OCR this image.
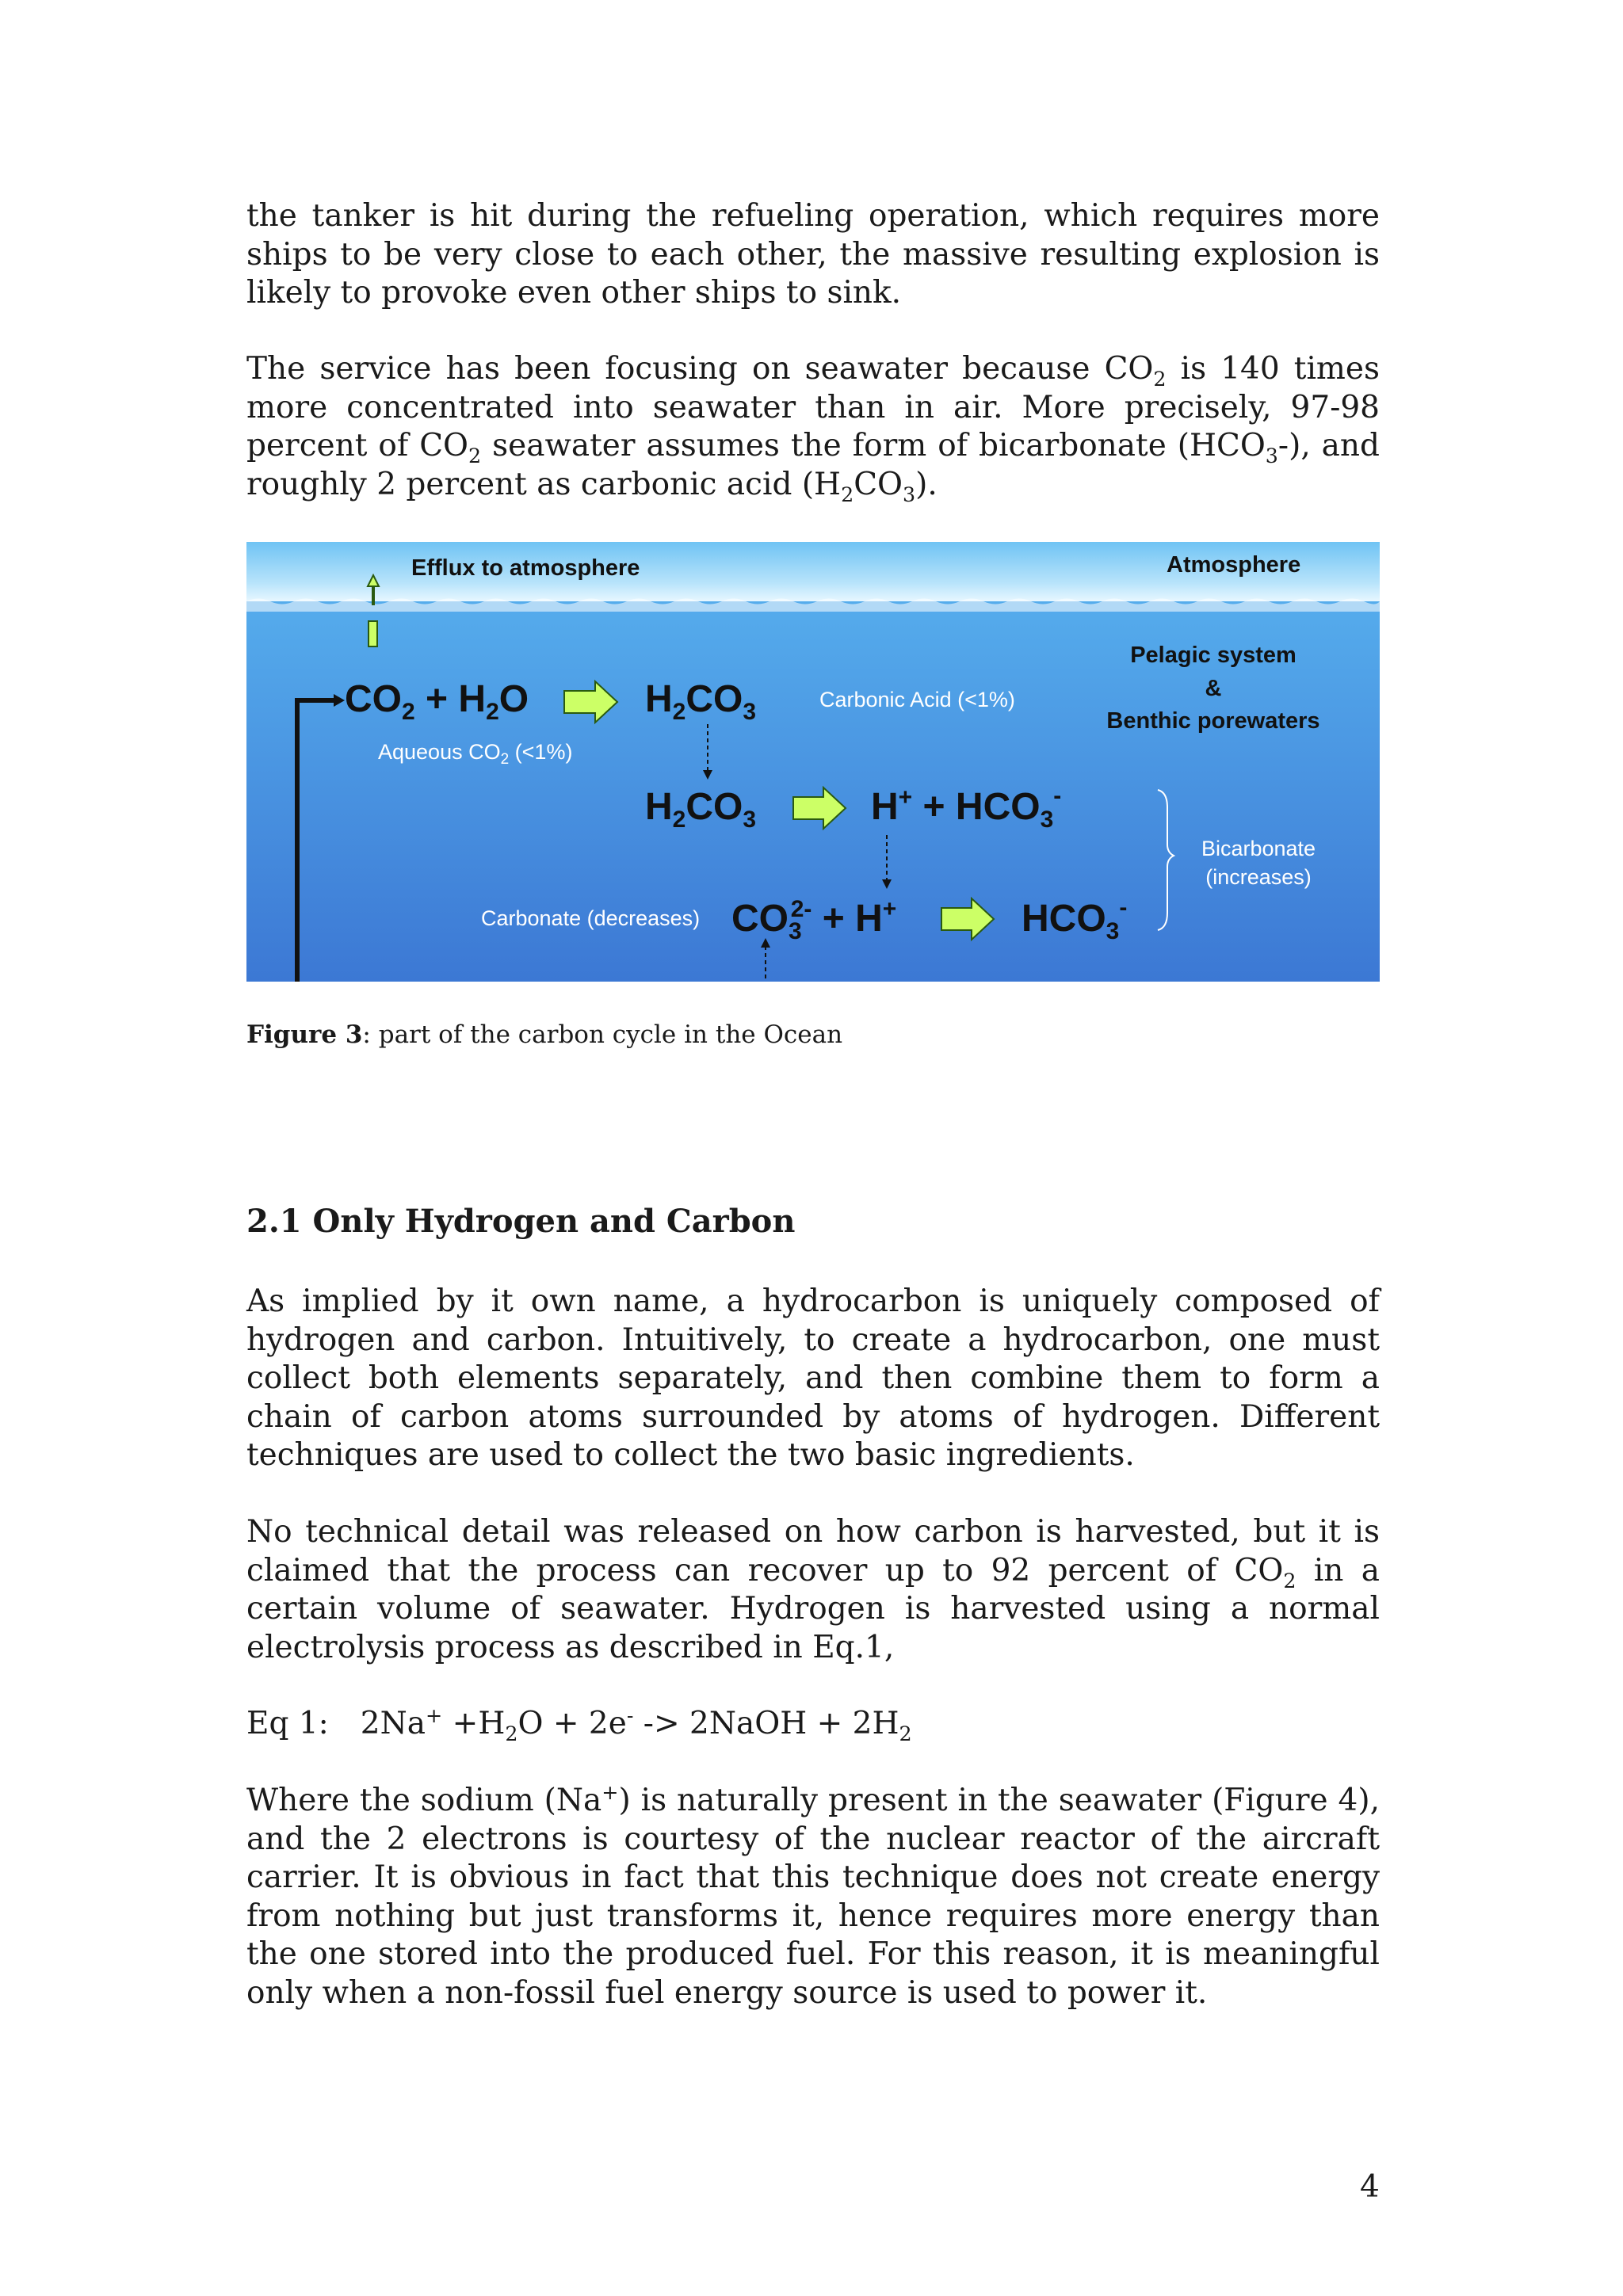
the tanker is hit during the refueling operation, which requires more ships to be very close to each other, the massive resulting explosion is likely to provoke even other ships to sink.

The service has been focusing on seawater because $CO_2$ is 140 times more concentrated into seawater than in air. More precisely, 97-98 percent of $CO_2$ seawater assumes the form of bicarbonate $(HCO_3-)$, and roughly 2 percent as carbonic acid $(H_2CO_3)$.

Efflux to atmosphere	Atmosphere
Pelagic system
&
Benthic porewaters
Carbonic Acid (<1%)
Aqueous $CO_2$ (<1%)
Bicarbonate
(increases)
Carbonate (decreases)
$CO_2 + H_2O$	$H_2CO_3$
$H_2CO_3$	$H^+ + HCO_3^-$
$CO_32- + H^+$	$HCO_3^-$
Figure 3: part of the carbon cycle in the Ocean
2.1 Only Hydrogen and Carbon

As implied by it own name, a hydrocarbon is uniquely composed of hydrogen and carbon. Intuitively, to create a hydrocarbon, one must collect both elements separately, and then combine them to form a chain of carbon atoms surrounded by atoms of hydrogen. Different techniques are used to collect the two basic ingredients.

No technical detail was released on how carbon is harvested, but it is claimed that the process can recover up to 92 percent of $CO_2$ in a certain volume of seawater. Hydrogen is harvested using a normal electrolysis process as described in Eq.1,

Eq 1: $2Na^+ +H_2O + 2e^-$ -> 2NaOH + $2H_2$

Where the sodium (Na+) is naturally present in the seawater (Figure 4), and the 2 electrons is courtesy of the nuclear reactor of the aircraft carrier. It is obvious in fact that this technique does not create energy from nothing but just transforms it, hence requires more energy than the one stored into the produced fuel. For this reason, it is meaningful only when a non-fossil fuel energy source is used to power it.

4
